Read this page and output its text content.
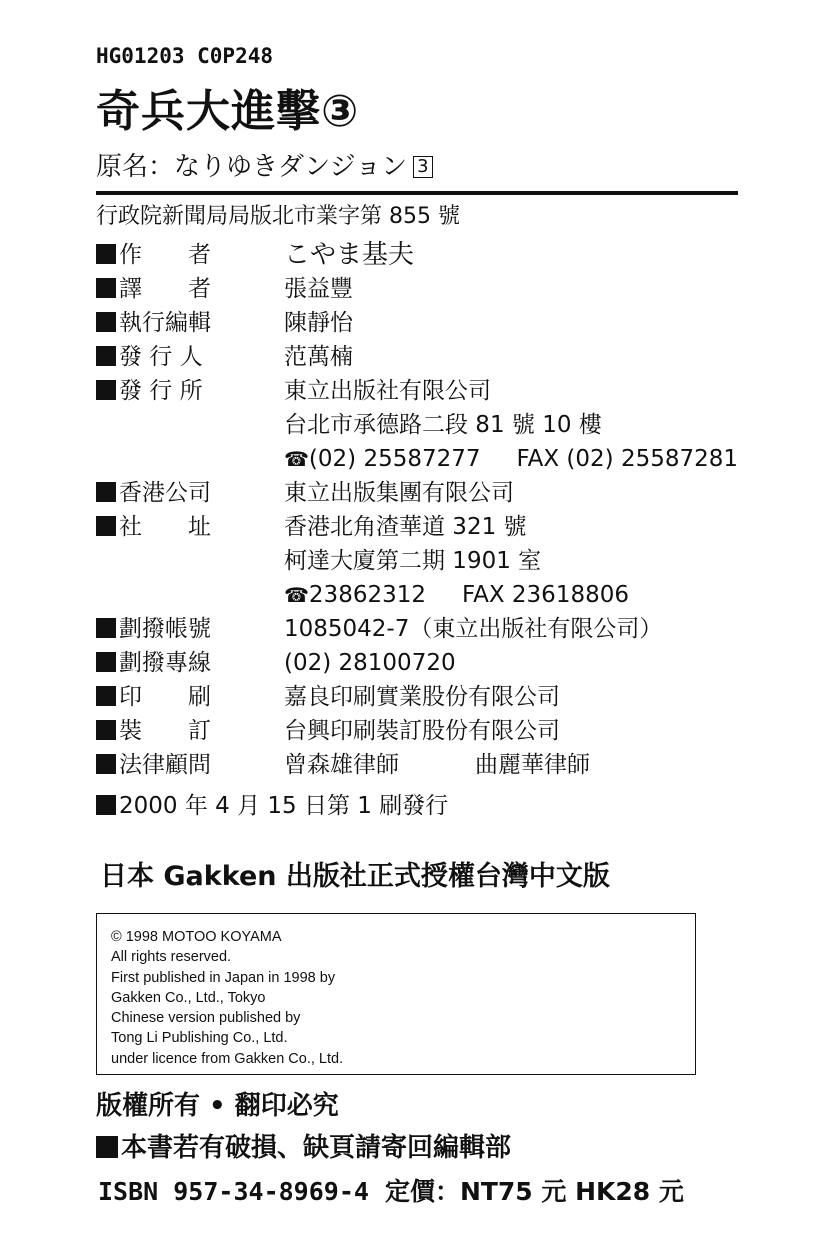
HG01203 C0P248
奇兵大進擊③
原名：なりゆきダンジョン 3
行政院新聞局局版北市業字第 855 號
作　　者	こやま基夫
譯　　者	張益豐
執行編輯	陳靜怡
發 行 人	范萬楠
發 行 所	東立出版社有限公司
台北市承德路二段 81 號 10 樓
☎(02) 25587277 FAX (02) 25587281
香港公司	東立出版集團有限公司
社　　址	香港北角渣華道 321 號
柯達大廈第二期 1901 室
☎23862312 FAX 23618806
劃撥帳號	1085042-7（東立出版社有限公司）
劃撥專線	(02) 28100720
印　　刷	嘉良印刷實業股份有限公司
裝　　訂	台興印刷裝訂股份有限公司
法律顧問	曾森雄律師	曲麗華律師
2000 年 4 月 15 日第 1 刷發行
日本 Gakken 出版社正式授權台灣中文版
© 1998 MOTOO KOYAMA
All rights reserved.
First published in Japan in 1998 by
Gakken Co., Ltd., Tokyo
Chinese version published by
Tong Li Publishing Co., Ltd.
under licence from Gakken Co., Ltd.
版權所有 • 翻印必究
本書若有破損、缺頁請寄回編輯部
ISBN 957-34-8969-4 定價：NT75 元 HK28 元
